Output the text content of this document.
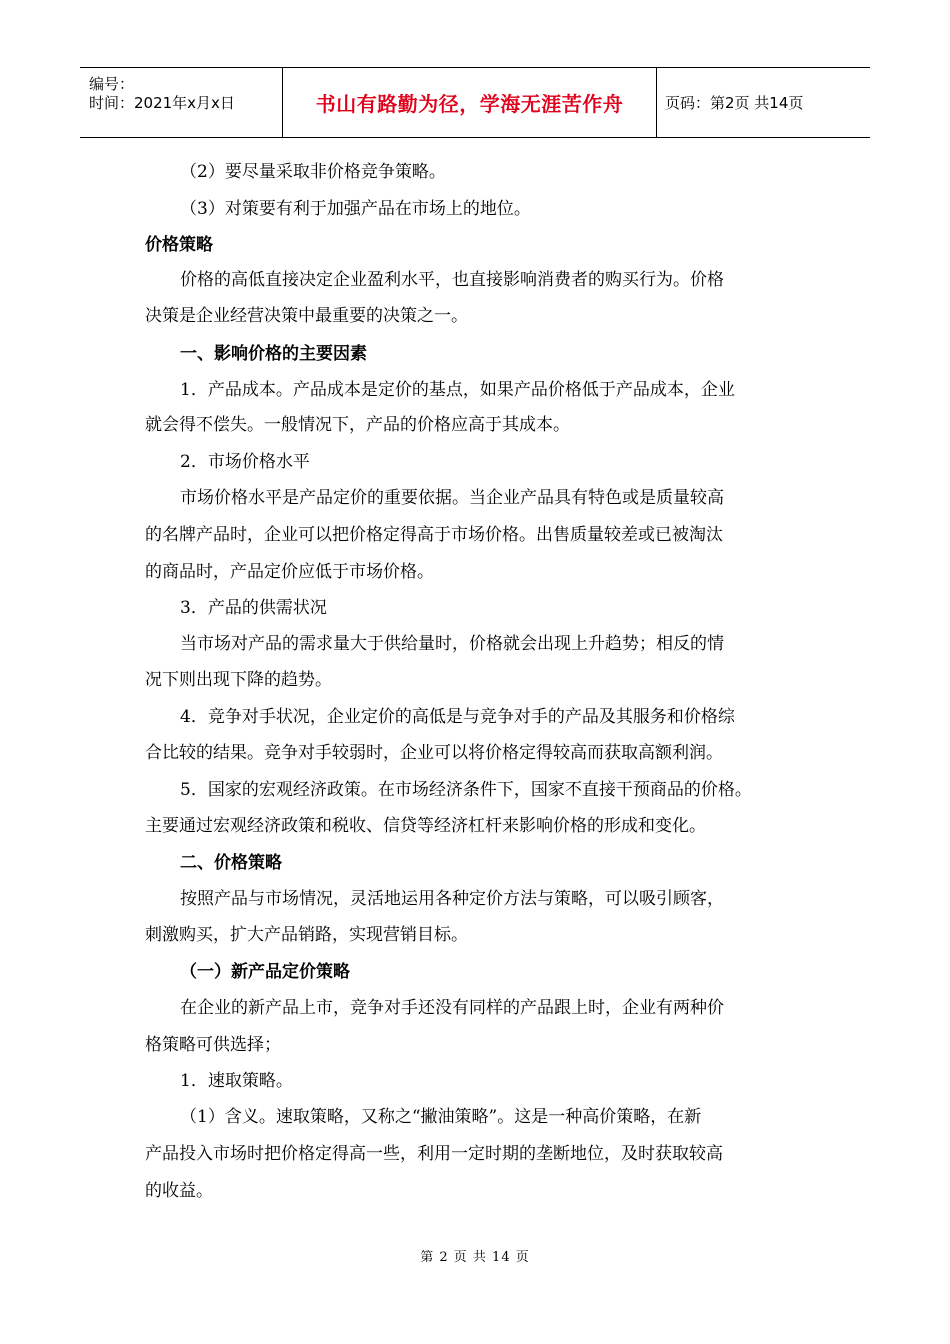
编号：
时间：2021年x月x日	书山有路勤为径，学海无涯苦作舟	页码：第2页 共14页
（2）要尽量采取非价格竞争策略。
（3）对策要有利于加强产品在市场上的地位。
价格策略
价格的高低直接决定企业盈利水平，也直接影响消费者的购买行为。价格
决策是企业经营决策中最重要的决策之一。
一、影响价格的主要因素
1．产品成本。产品成本是定价的基点，如果产品价格低于产品成本，企业
就会得不偿失。一般情况下，产品的价格应高于其成本。
2．市场价格水平
市场价格水平是产品定价的重要依据。当企业产品具有特色或是质量较高
的名牌产品时，企业可以把价格定得高于市场价格。出售质量较差或已被淘汰
的商品时，产品定价应低于市场价格。
3．产品的供需状况
当市场对产品的需求量大于供给量时，价格就会出现上升趋势；相反的情
况下则出现下降的趋势。
4．竞争对手状况，企业定价的高低是与竞争对手的产品及其服务和价格综
合比较的结果。竞争对手较弱时，企业可以将价格定得较高而获取高额利润。
5．国家的宏观经济政策。在市场经济条件下，国家不直接干预商品的价格。
主要通过宏观经济政策和税收、信贷等经济杠杆来影响价格的形成和变化。
二、价格策略
按照产品与市场情况，灵活地运用各种定价方法与策略，可以吸引顾客，
刺激购买，扩大产品销路，实现营销目标。
（一）新产品定价策略
在企业的新产品上市，竞争对手还没有同样的产品跟上时，企业有两种价
格策略可供选择；
1．速取策略。
（1）含义。速取策略，又称之“撇油策略”。这是一种高价策略，在新
产品投入市场时把价格定得高一些，利用一定时期的垄断地位，及时获取较高
的收益。
第 2 页 共 14 页
